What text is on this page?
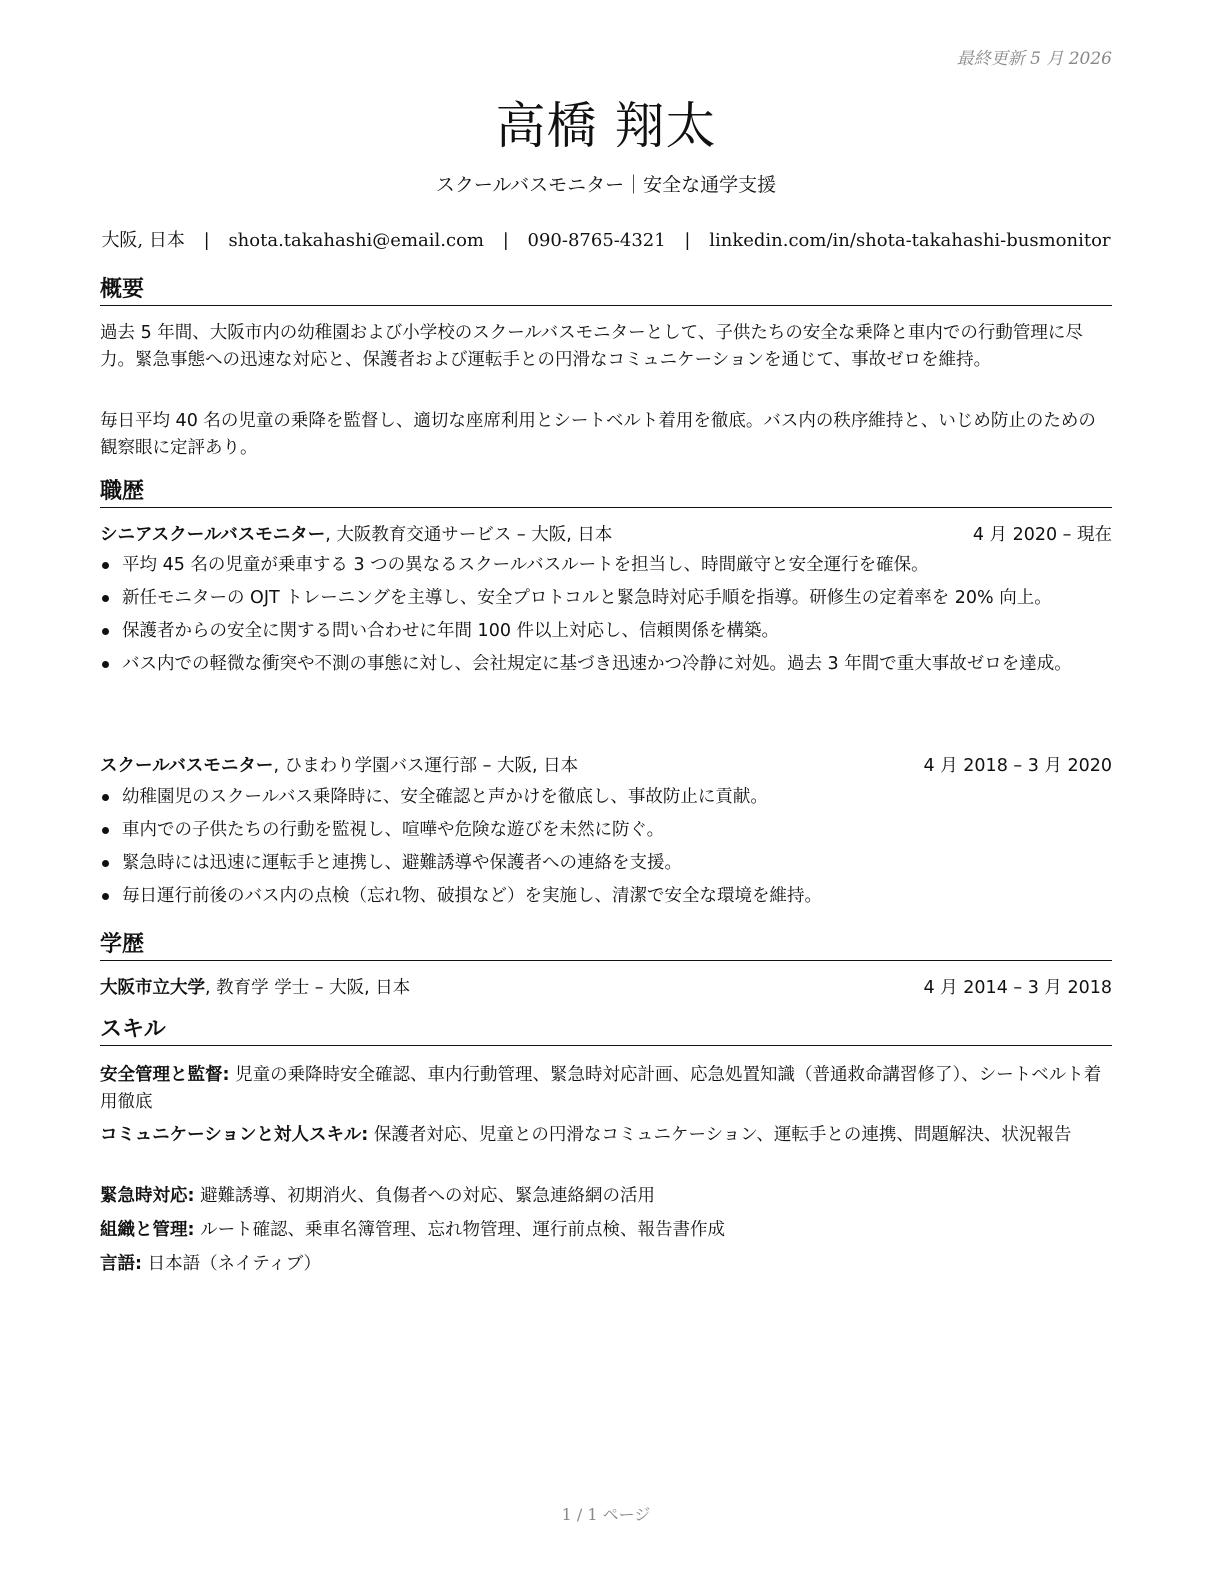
最終更新 5 月 2026
高橋 翔太
スクールバスモニター｜安全な通学支援
大阪, 日本 | shota.takahashi@email.com | 090-8765-4321 | linkedin.com/in/shota-takahashi-busmonitor
概要
過去 5 年間、大阪市内の幼稚園および小学校のスクールバスモニターとして、子供たちの安全な乗降と車内での行動管理に尽力。緊急事態への迅速な対応と、保護者および運転手との円滑なコミュニケーションを通じて、事故ゼロを維持。
毎日平均 40 名の児童の乗降を監督し、適切な座席利用とシートベルト着用を徹底。バス内の秩序維持と、いじめ防止のための観察眼に定評あり。
職歴
シニアスクールバスモニター, 大阪教育交通サービス – 大阪, 日本	4 月 2020 – 現在
平均 45 名の児童が乗車する 3 つの異なるスクールバスルートを担当し、時間厳守と安全運行を確保。
新任モニターの OJT トレーニングを主導し、安全プロトコルと緊急時対応手順を指導。研修生の定着率を 20% 向上。
保護者からの安全に関する問い合わせに年間 100 件以上対応し、信頼関係を構築。
バス内での軽微な衝突や不測の事態に対し、会社規定に基づき迅速かつ冷静に対処。過去 3 年間で重大事故ゼロを達成。
スクールバスモニター, ひまわり学園バス運行部 – 大阪, 日本	4 月 2018 – 3 月 2020
幼稚園児のスクールバス乗降時に、安全確認と声かけを徹底し、事故防止に貢献。
車内での子供たちの行動を監視し、喧嘩や危険な遊びを未然に防ぐ。
緊急時には迅速に運転手と連携し、避難誘導や保護者への連絡を支援。
毎日運行前後のバス内の点検（忘れ物、破損など）を実施し、清潔で安全な環境を維持。
学歴
大阪市立大学, 教育学 学士 – 大阪, 日本	4 月 2014 – 3 月 2018
スキル
安全管理と監督: 児童の乗降時安全確認、車内行動管理、緊急時対応計画、応急処置知識（普通救命講習修了）、シートベルト着用徹底
コミュニケーションと対人スキル: 保護者対応、児童との円滑なコミュニケーション、運転手との連携、問題解決、状況報告
緊急時対応: 避難誘導、初期消火、負傷者への対応、緊急連絡網の活用
組織と管理: ルート確認、乗車名簿管理、忘れ物管理、運行前点検、報告書作成
言語: 日本語（ネイティブ）
1 / 1 ページ
